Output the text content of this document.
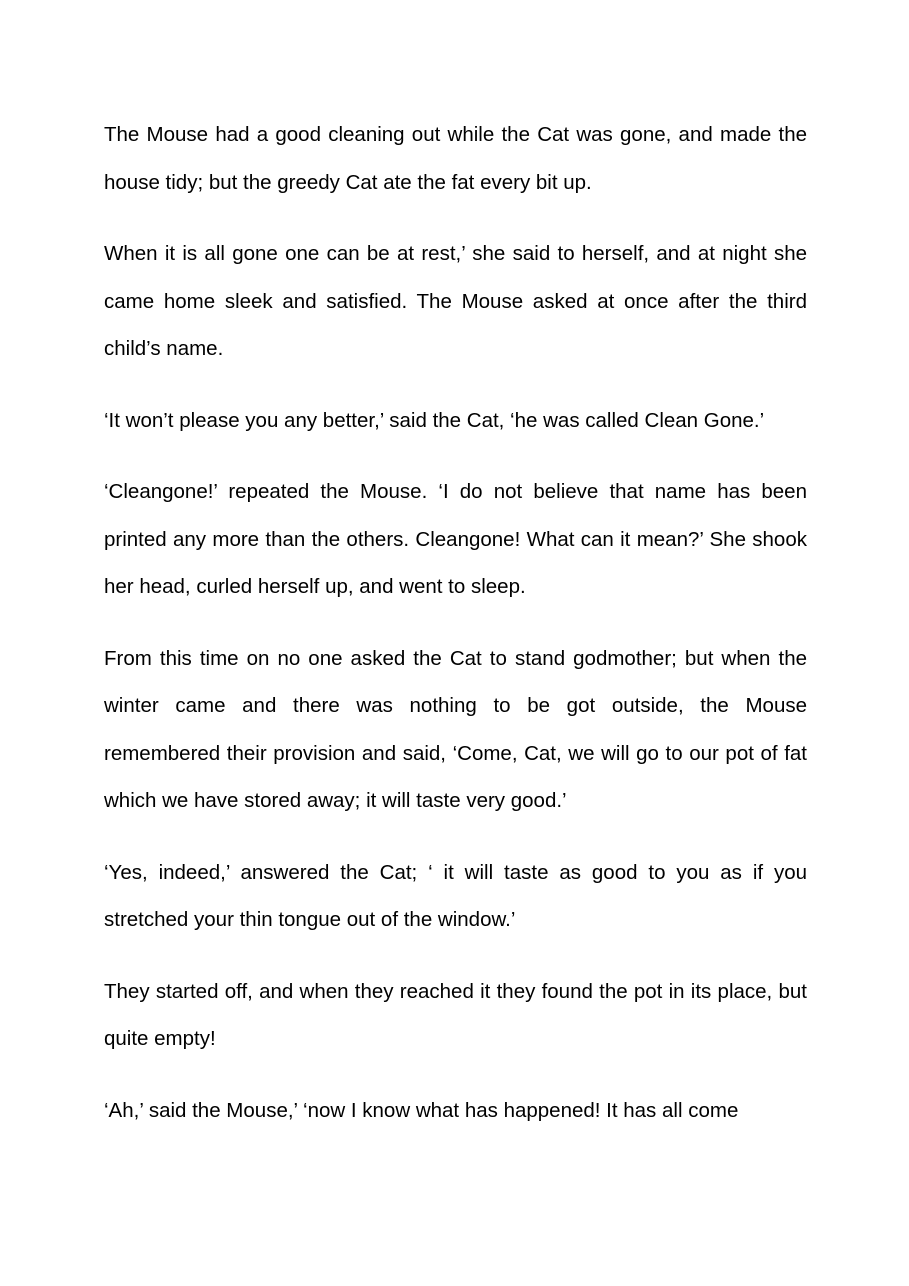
The Mouse had a good cleaning out while the Cat was gone, and made the house tidy; but the greedy Cat ate the fat every bit up.

When it is all gone one can be at rest,’ she said to herself, and at night she came home sleek and satisfied. The Mouse asked at once after the third child’s name.

‘It won’t please you any better,’ said the Cat, ‘he was called Clean Gone.’

‘Cleangone!’ repeated the Mouse. ‘I do not believe that name has been printed any more than the others. Cleangone! What can it mean?’ She shook her head, curled herself up, and went to sleep.

From this time on no one asked the Cat to stand godmother; but when the winter came and there was nothing to be got outside, the Mouse remembered their provision and said, ‘Come, Cat, we will go to our pot of fat which we have stored away; it will taste very good.’

‘Yes, indeed,’ answered the Cat; ‘ it will taste as good to you as if you stretched your thin tongue out of the window.’

They started off, and when they reached it they found the pot in its place, but quite empty!

‘Ah,’ said the Mouse,’ ‘now I know what has happened! It has all come
